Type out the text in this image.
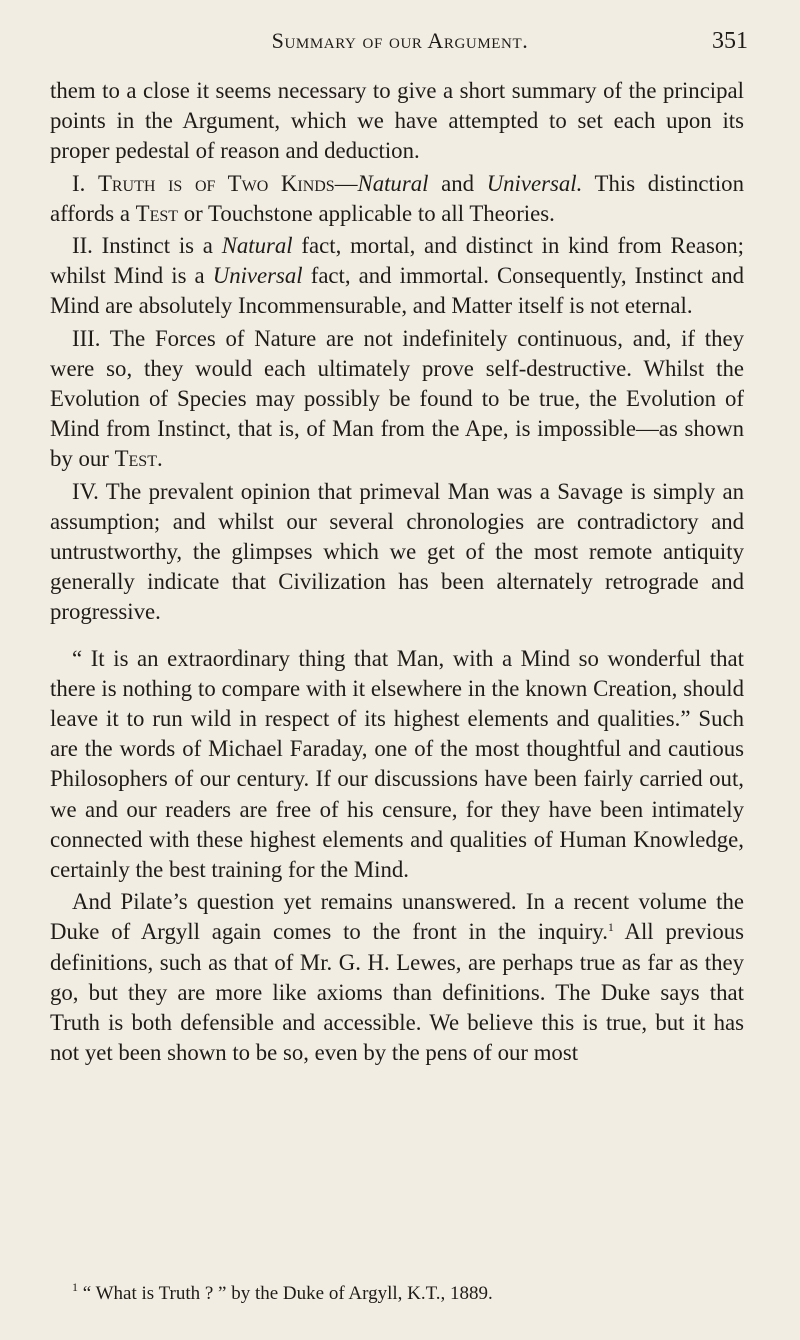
Summary of our Argument.	351

them to a close it seems necessary to give a short summary of the principal points in the Argument, which we have attempted to set each upon its proper pedestal of reason and deduction.

I. Truth is of Two Kinds—Natural and Universal. This distinction affords a Test or Touchstone applicable to all Theories.

II. Instinct is a Natural fact, mortal, and distinct in kind from Reason; whilst Mind is a Universal fact, and immortal. Consequently, Instinct and Mind are absolutely Incommensurable, and Matter itself is not eternal.

III. The Forces of Nature are not indefinitely continuous, and, if they were so, they would each ultimately prove self-destructive. Whilst the Evolution of Species may possibly be found to be true, the Evolution of Mind from Instinct, that is, of Man from the Ape, is impossible—as shown by our Test.

IV. The prevalent opinion that primeval Man was a Savage is simply an assumption; and whilst our several chronologies are contradictory and untrustworthy, the glimpses which we get of the most remote antiquity generally indicate that Civilization has been alternately retrograde and progressive.

“ It is an extraordinary thing that Man, with a Mind so wonderful that there is nothing to compare with it elsewhere in the known Creation, should leave it to run wild in respect of its highest elements and qualities.” Such are the words of Michael Faraday, one of the most thoughtful and cautious Philosophers of our century. If our discussions have been fairly carried out, we and our readers are free of his censure, for they have been intimately connected with these highest elements and qualities of Human Knowledge, certainly the best training for the Mind.

And Pilate’s question yet remains unanswered. In a recent volume the Duke of Argyll again comes to the front in the inquiry.$^1$ All previous definitions, such as that of Mr. G. H. Lewes, are perhaps true as far as they go, but they are more like axioms than definitions. The Duke says that Truth is both defensible and accessible. We believe this is true, but it has not yet been shown to be so, even by the pens of our most

$^1$ “ What is Truth ? ” by the Duke of Argyll, K.T., 1889.
